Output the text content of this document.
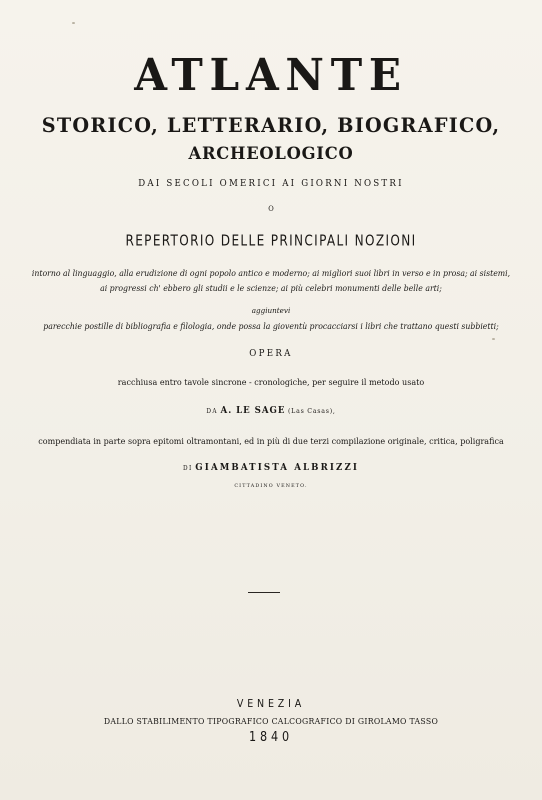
ATLANTE
STORICO, LETTERARIO, BIOGRAFICO,
ARCHEOLOGICO
DAI SECOLI OMERICI AI GIORNI NOSTRI
O
REPERTORIO DELLE PRINCIPALI NOZIONI
intorno al linguaggio, alla erudizione di ogni popolo antico e moderno; ai migliori suoi libri in verso e in prosa; ai sistemi,
ai progressi ch' ebbero gli studii e le scienze; ai più celebri monumenti delle belle arti;
aggiuntevi
parecchie postille di bibliografia e filologia, onde possa la gioventù procacciarsi i libri che trattano questi subbietti;
OPERA
racchiusa entro tavole sincrone - cronologiche, per seguire il metodo usato
DA A. LE SAGE (Las Casas),
compendiata in parte sopra epitomi oltramontani, ed in più di due terzi compilazione originale, critica, poligrafica
DI GIAMBATISTA ALBRIZZI
CITTADINO VENETO.
VENEZIA
DALLO STABILIMENTO TIPOGRAFICO CALCOGRAFICO DI GIROLAMO TASSO
1840
